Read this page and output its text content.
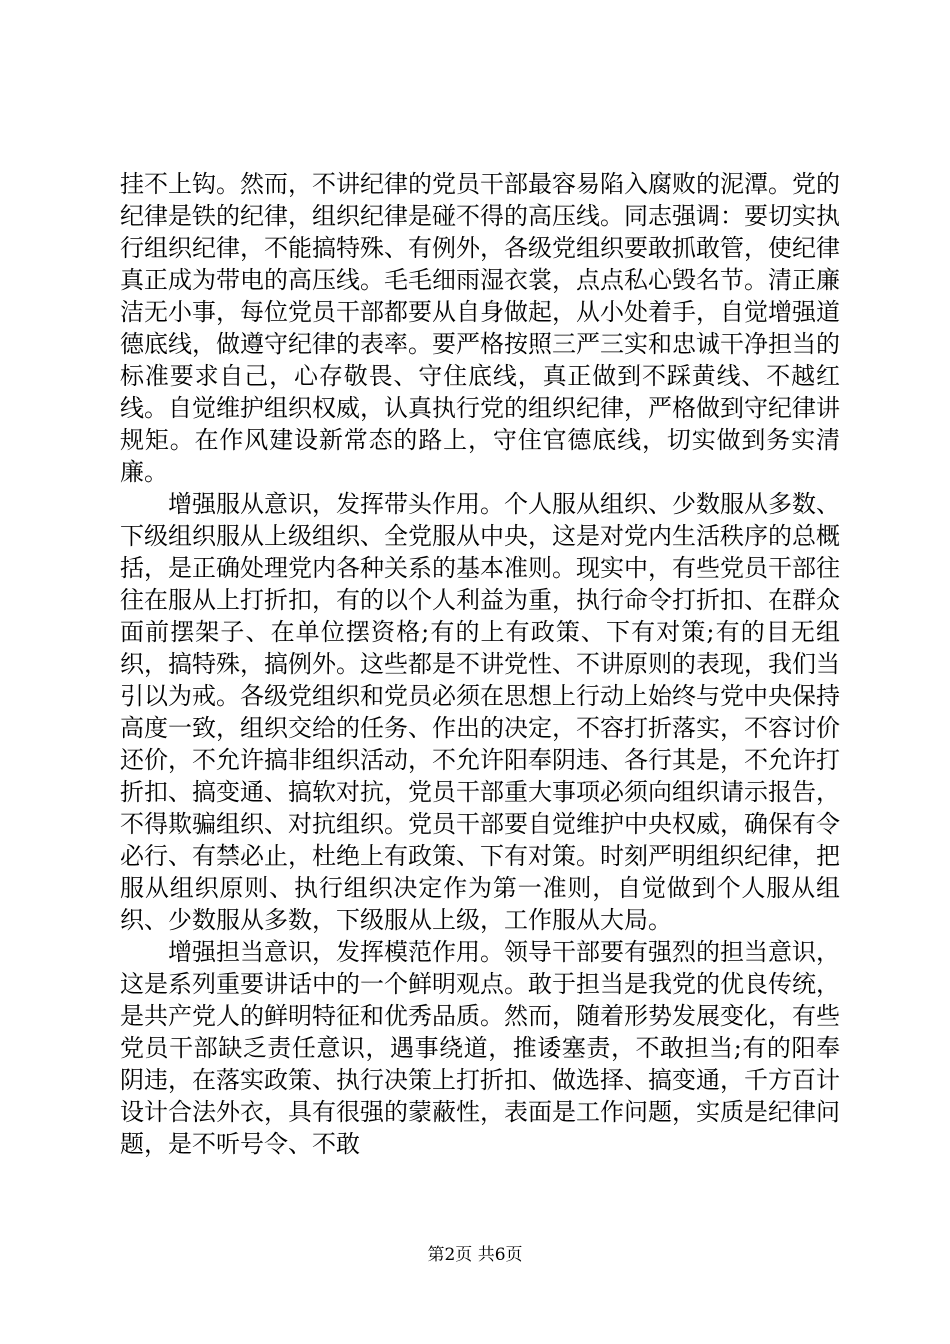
挂不上钩。然而，不讲纪律的党员干部最容易陷入腐败的泥潭。党的纪律是铁的纪律，组织纪律是碰不得的高压线。同志强调：要切实执行组织纪律，不能搞特殊、有例外，各级党组织要敢抓敢管，使纪律真正成为带电的高压线。毛毛细雨湿衣裳，点点私心毁名节。清正廉洁无小事，每位党员干部都要从自身做起，从小处着手，自觉增强道德底线，做遵守纪律的表率。要严格按照三严三实和忠诚干净担当的标准要求自己，心存敬畏、守住底线，真正做到不踩黄线、不越红线。自觉维护组织权威，认真执行党的组织纪律，严格做到守纪律讲规矩。在作风建设新常态的路上，守住官德底线，切实做到务实清廉。

增强服从意识，发挥带头作用。个人服从组织、少数服从多数、下级组织服从上级组织、全党服从中央，这是对党内生活秩序的总概括，是正确处理党内各种关系的基本准则。现实中，有些党员干部往往在服从上打折扣，有的以个人利益为重，执行命令打折扣、在群众面前摆架子、在单位摆资格;有的上有政策、下有对策;有的目无组织，搞特殊，搞例外。这些都是不讲党性、不讲原则的表现，我们当引以为戒。各级党组织和党员必须在思想上行动上始终与党中央保持高度一致，组织交给的任务、作出的决定，不容打折落实，不容讨价还价，不允许搞非组织活动，不允许阳奉阴违、各行其是，不允许打折扣、搞变通、搞软对抗，党员干部重大事项必须向组织请示报告，不得欺骗组织、对抗组织。党员干部要自觉维护中央权威，确保有令必行、有禁必止，杜绝上有政策、下有对策。时刻严明组织纪律，把服从组织原则、执行组织决定作为第一准则，自觉做到个人服从组织、少数服从多数，下级服从上级，工作服从大局。

增强担当意识，发挥模范作用。领导干部要有强烈的担当意识，这是系列重要讲话中的一个鲜明观点。敢于担当是我党的优良传统，是共产党人的鲜明特征和优秀品质。然而，随着形势发展变化，有些党员干部缺乏责任意识，遇事绕道，推诿塞责，不敢担当;有的阳奉阴违，在落实政策、执行决策上打折扣、做选择、搞变通，千方百计设计合法外衣，具有很强的蒙蔽性，表面是工作问题，实质是纪律问题，是不听号令、不敢

第2页 共6页
